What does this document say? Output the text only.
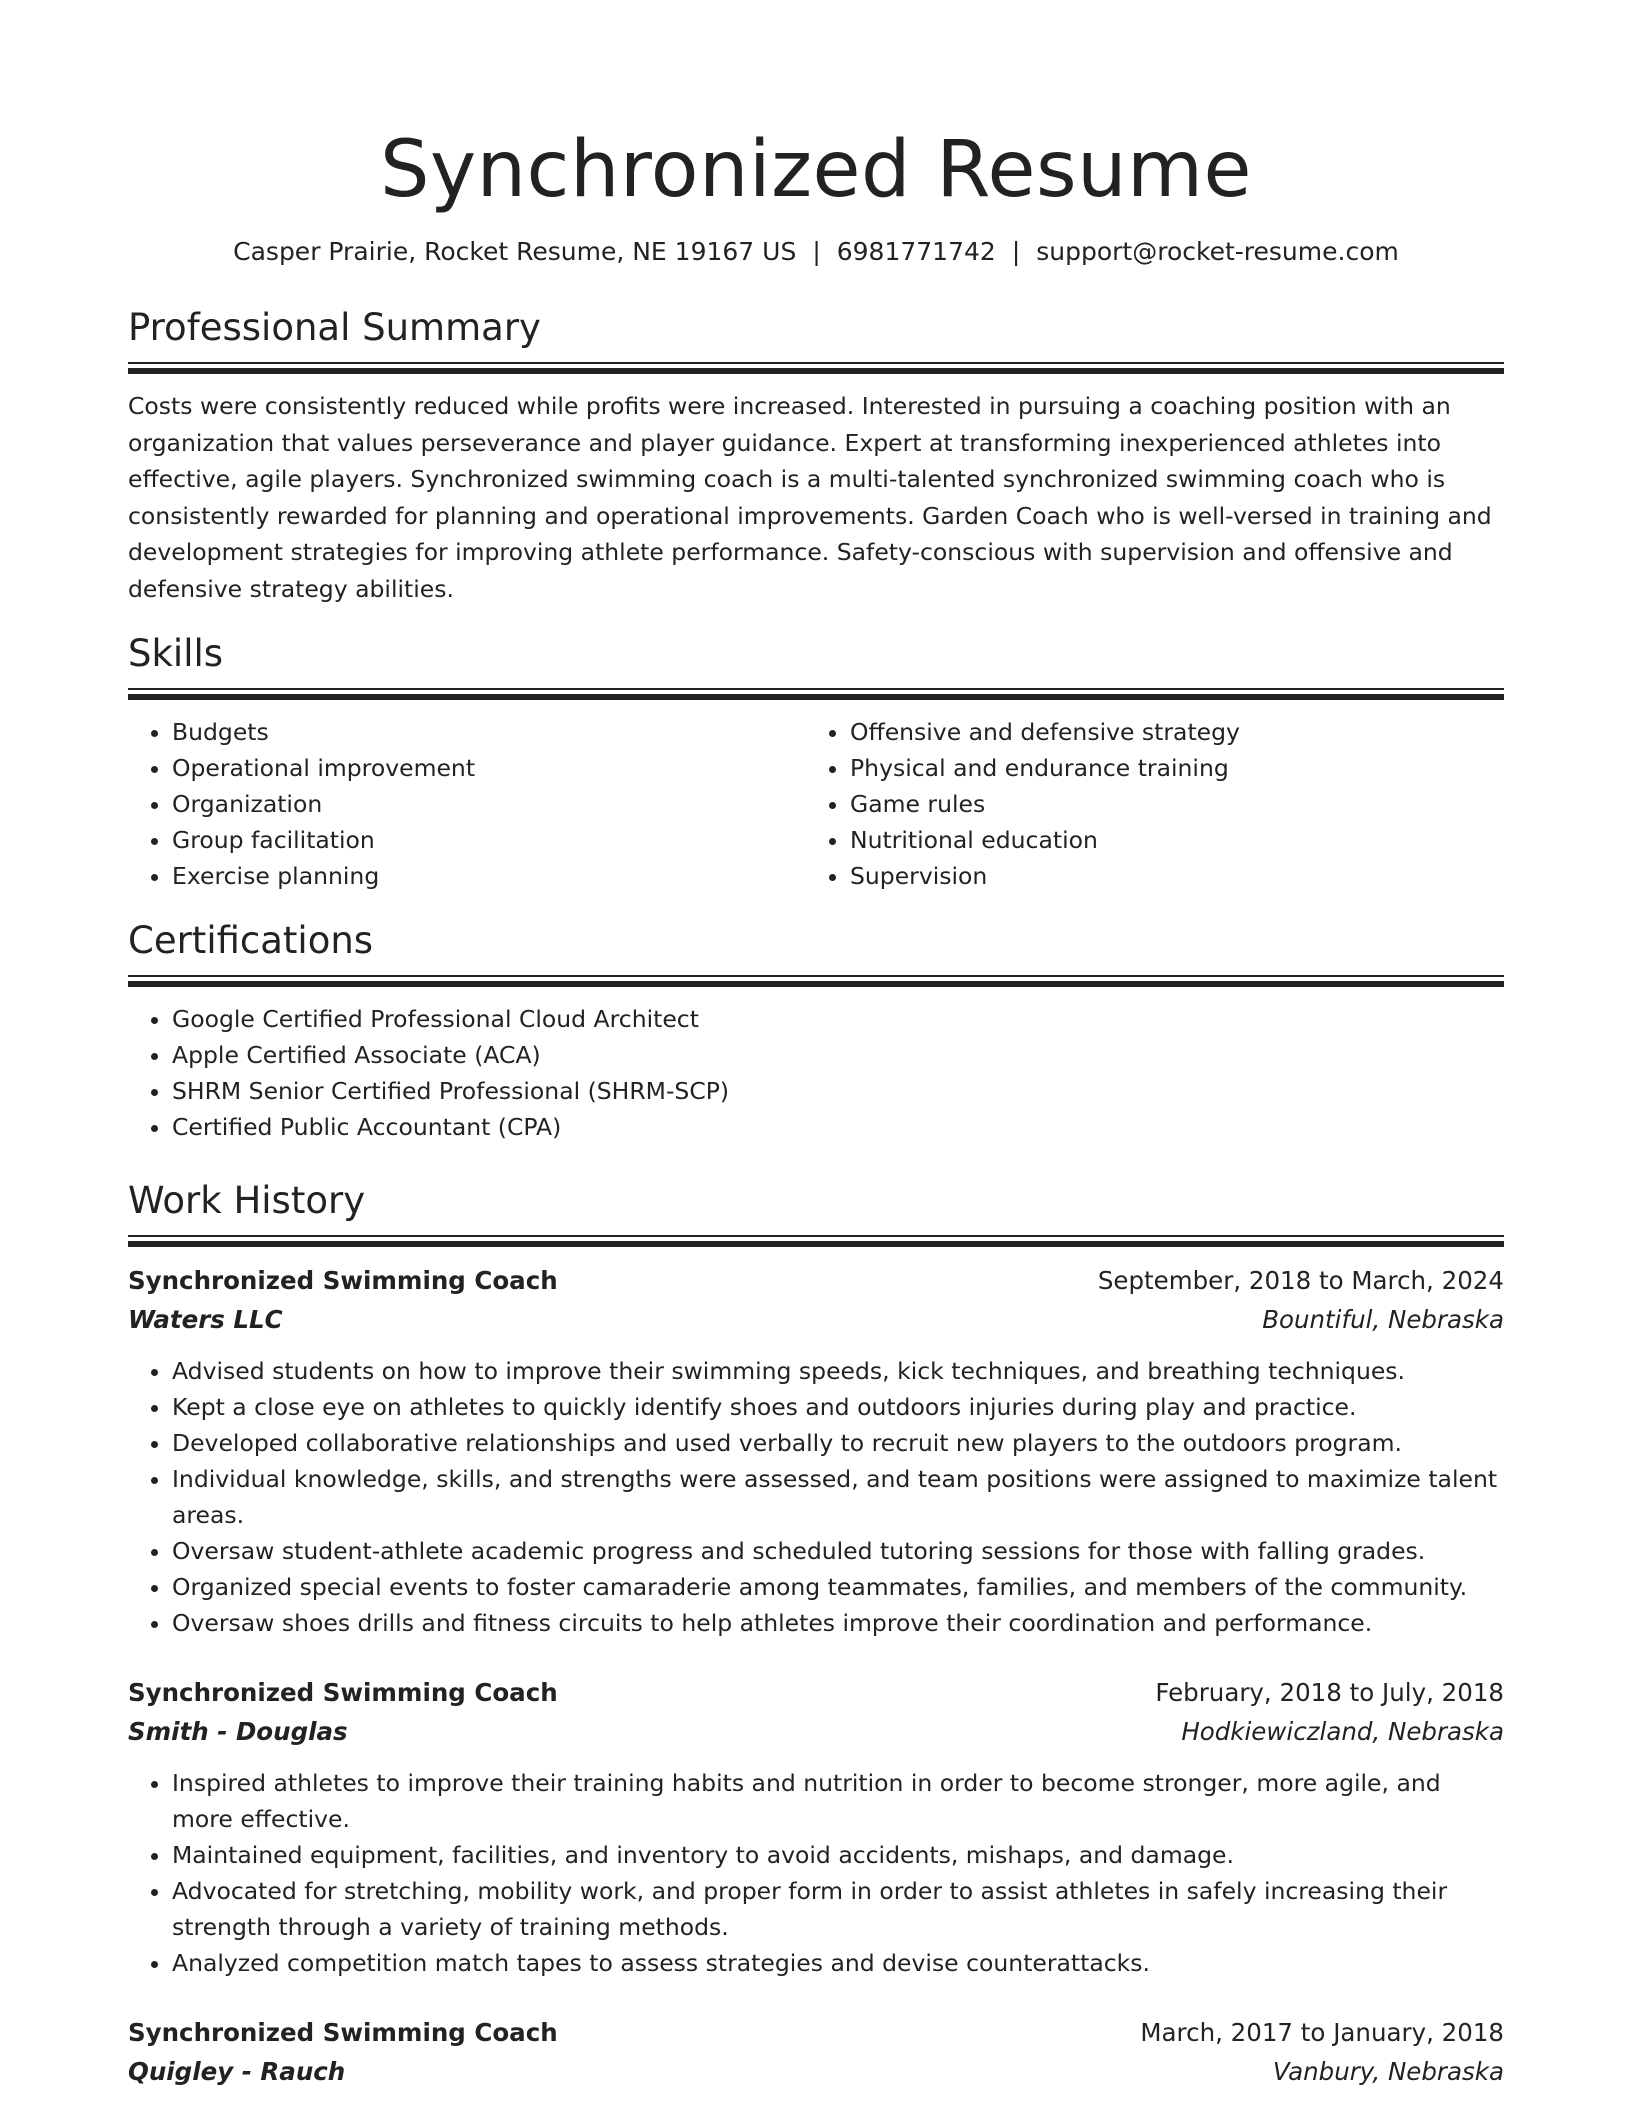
Synchronized Resume
Casper Prairie, Rocket Resume, NE 19167 US | 6981771742 | support@rocket-resume.com
Professional Summary

Costs were consistently reduced while profits were increased. Interested in pursuing a coaching position with an organization that values perseverance and player guidance. Expert at transforming inexperienced athletes into effective, agile players. Synchronized swimming coach is a multi-talented synchronized swimming coach who is consistently rewarded for planning and operational improvements. Garden Coach who is well-versed in training and development strategies for improving athlete performance. Safety-conscious with supervision and offensive and defensive strategy abilities.

Skills
• Budgets
• Operational improvement
• Organization
• Group facilitation
• Exercise planning
• Offensive and defensive strategy
• Physical and endurance training
• Game rules
• Nutritional education
• Supervision
Certifications
• Google Certified Professional Cloud Architect
• Apple Certified Associate (ACA)
• SHRM Senior Certified Professional (SHRM-SCP)
• Certified Public Accountant (CPA)
Work History
Synchronized Swimming Coach	September, 2018 to March, 2024
Waters LLC	Bountiful, Nebraska
• Advised students on how to improve their swimming speeds, kick techniques, and breathing techniques.
• Kept a close eye on athletes to quickly identify shoes and outdoors injuries during play and practice.
• Developed collaborative relationships and used verbally to recruit new players to the outdoors program.
• Individual knowledge, skills, and strengths were assessed, and team positions were assigned to maximize talent areas.
• Oversaw student-athlete academic progress and scheduled tutoring sessions for those with falling grades.
• Organized special events to foster camaraderie among teammates, families, and members of the community.
• Oversaw shoes drills and fitness circuits to help athletes improve their coordination and performance.
Synchronized Swimming Coach	February, 2018 to July, 2018
Smith - Douglas	Hodkiewiczland, Nebraska
• Inspired athletes to improve their training habits and nutrition in order to become stronger, more agile, and more effective.
• Maintained equipment, facilities, and inventory to avoid accidents, mishaps, and damage.
• Advocated for stretching, mobility work, and proper form in order to assist athletes in safely increasing their strength through a variety of training methods.
• Analyzed competition match tapes to assess strategies and devise counterattacks.
Synchronized Swimming Coach	March, 2017 to January, 2018
Quigley - Rauch	Vanbury, Nebraska
